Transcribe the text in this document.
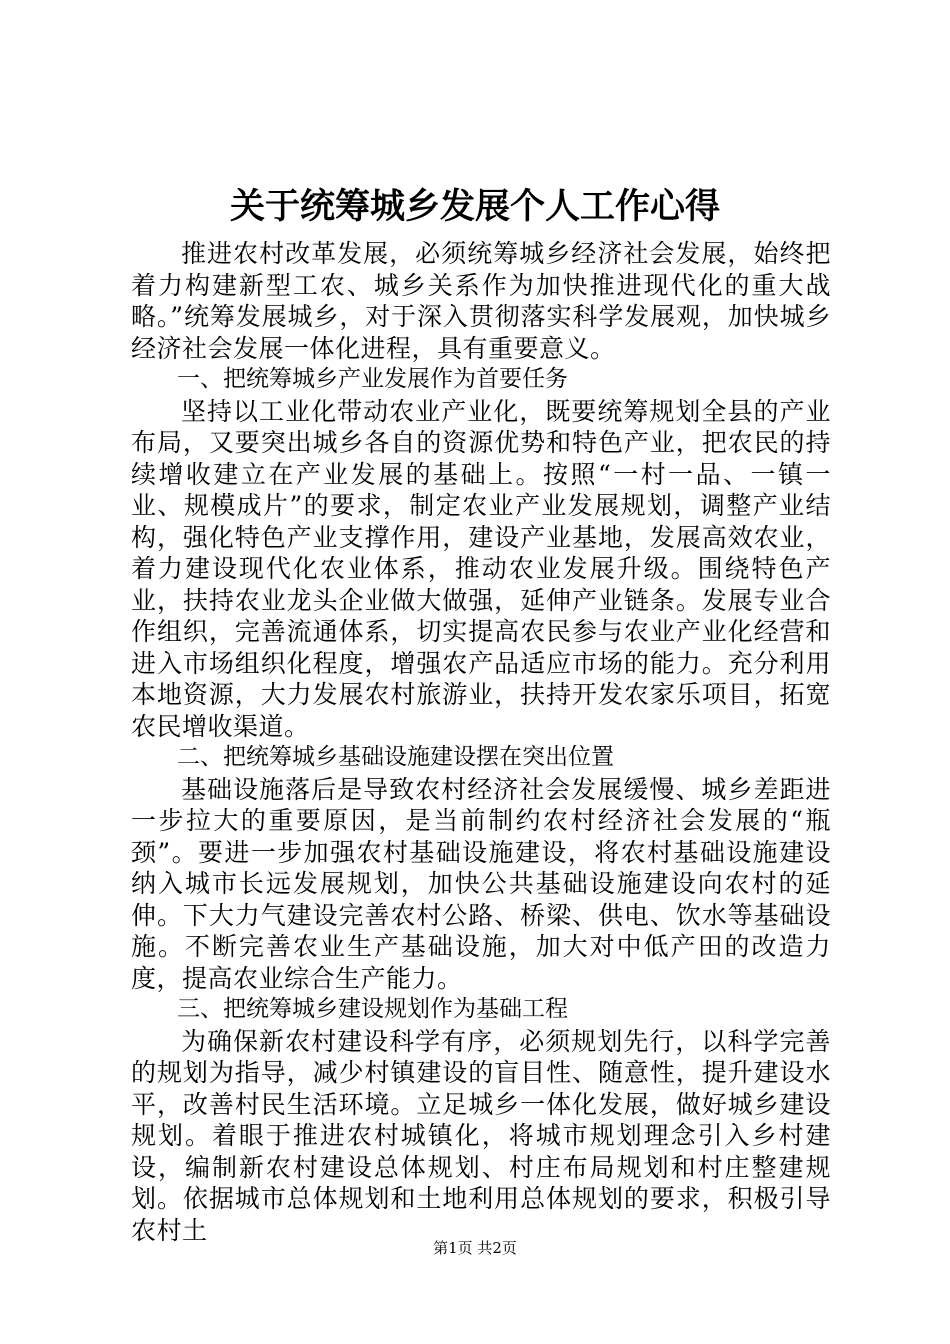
关于统筹城乡发展个人工作心得

推进农村改革发展，必须统筹城乡经济社会发展，始终把着力构建新型工农、城乡关系作为加快推进现代化的重大战略。”统筹发展城乡，对于深入贯彻落实科学发展观，加快城乡经济社会发展一体化进程，具有重要意义。

一、把统筹城乡产业发展作为首要任务

坚持以工业化带动农业产业化，既要统筹规划全县的产业布局，又要突出城乡各自的资源优势和特色产业，把农民的持续增收建立在产业发展的基础上。按照“一村一品、一镇一业、规模成片”的要求，制定农业产业发展规划，调整产业结构，强化特色产业支撑作用，建设产业基地，发展高效农业，着力建设现代化农业体系，推动农业发展升级。围绕特色产业，扶持农业龙头企业做大做强，延伸产业链条。发展专业合作组织，完善流通体系，切实提高农民参与农业产业化经营和进入市场组织化程度，增强农产品适应市场的能力。充分利用本地资源，大力发展农村旅游业，扶持开发农家乐项目，拓宽农民增收渠道。

二、把统筹城乡基础设施建设摆在突出位置

基础设施落后是导致农村经济社会发展缓慢、城乡差距进一步拉大的重要原因，是当前制约农村经济社会发展的“瓶颈”。要进一步加强农村基础设施建设，将农村基础设施建设纳入城市长远发展规划，加快公共基础设施建设向农村的延伸。下大力气建设完善农村公路、桥梁、供电、饮水等基础设施。不断完善农业生产基础设施，加大对中低产田的改造力度，提高农业综合生产能力。

三、把统筹城乡建设规划作为基础工程

为确保新农村建设科学有序，必须规划先行，以科学完善的规划为指导，减少村镇建设的盲目性、随意性，提升建设水平，改善村民生活环境。立足城乡一体化发展，做好城乡建设规划。着眼于推进农村城镇化，将城市规划理念引入乡村建设，编制新农村建设总体规划、村庄布局规划和村庄整建规划。依据城市总体规划和土地利用总体规划的要求，积极引导农村土

第1页 共2页
